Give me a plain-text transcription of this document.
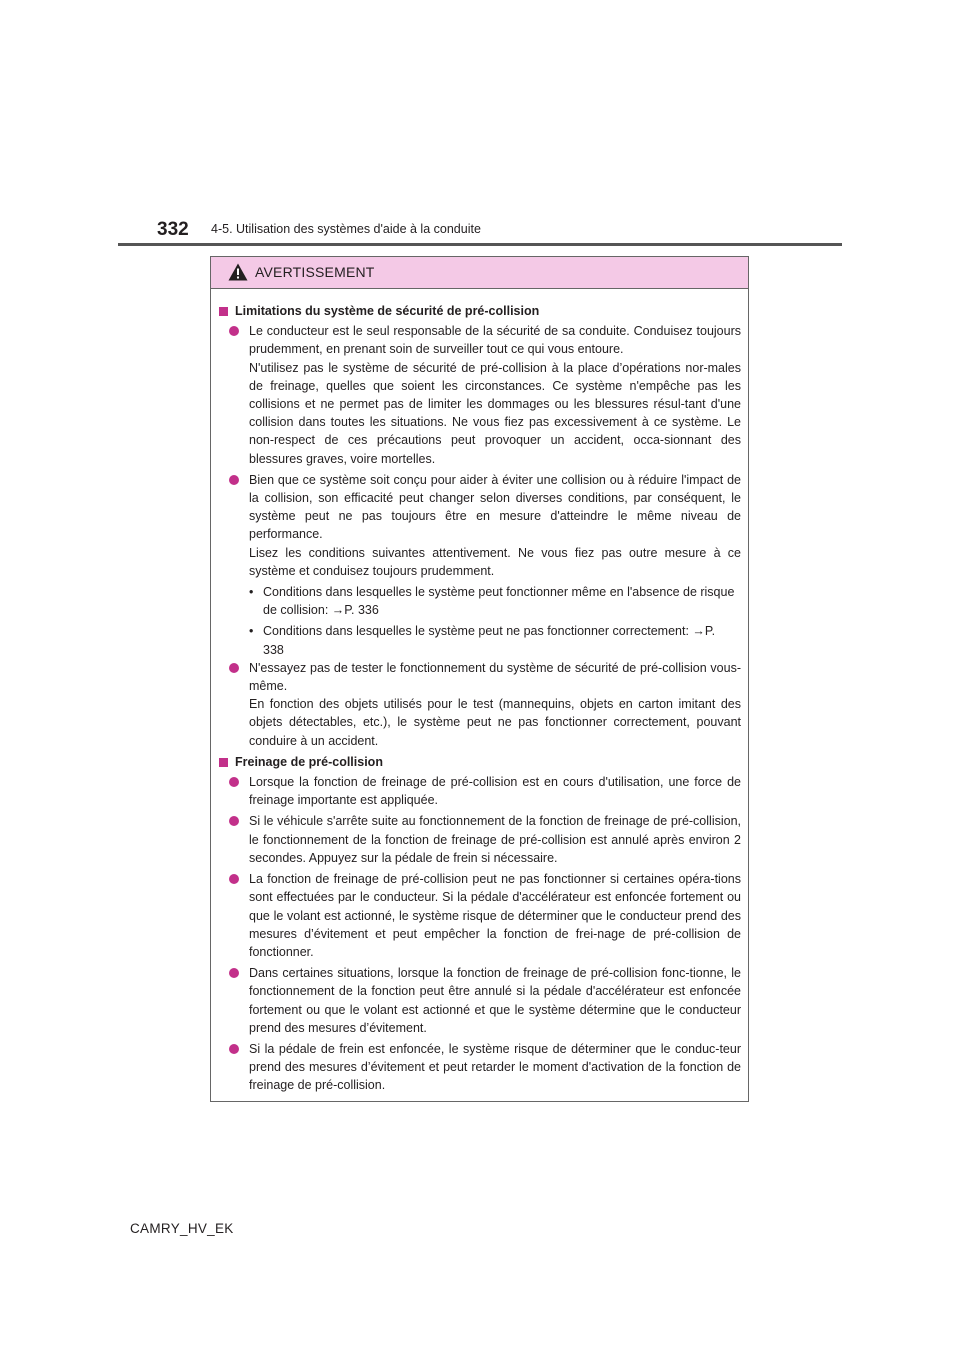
332 4-5. Utilisation des systèmes d'aide à la conduite
AVERTISSEMENT
Limitations du système de sécurité de pré-collision
Le conducteur est le seul responsable de la sécurité de sa conduite. Conduisez toujours prudemment, en prenant soin de surveiller tout ce qui vous entoure.
N'utilisez pas le système de sécurité de pré-collision à la place d’opérations nor-males de freinage, quelles que soient les circonstances. Ce système n'empêche pas les collisions et ne permet pas de limiter les dommages ou les blessures résul-tant d'une collision dans toutes les situations. Ne vous fiez pas excessivement à ce système. Le non-respect de ces précautions peut provoquer un accident, occa-sionnant des blessures graves, voire mortelles.
Bien que ce système soit conçu pour aider à éviter une collision ou à réduire l'impact de la collision, son efficacité peut changer selon diverses conditions, par conséquent, le système peut ne pas toujours être en mesure d'atteindre le même niveau de performance.
Lisez les conditions suivantes attentivement. Ne vous fiez pas outre mesure à ce système et conduisez toujours prudemment.
• Conditions dans lesquelles le système peut fonctionner même en l'absence de risque de collision: →P. 336
• Conditions dans lesquelles le système peut ne pas fonctionner correctement: →P. 338
N'essayez pas de tester le fonctionnement du système de sécurité de pré-collision vous-même.
En fonction des objets utilisés pour le test (mannequins, objets en carton imitant des objets détectables, etc.), le système peut ne pas fonctionner correctement, pouvant conduire à un accident.
Freinage de pré-collision
Lorsque la fonction de freinage de pré-collision est en cours d'utilisation, une force de freinage importante est appliquée.
Si le véhicule s'arrête suite au fonctionnement de la fonction de freinage de pré-collision, le fonctionnement de la fonction de freinage de pré-collision est annulé après environ 2 secondes. Appuyez sur la pédale de frein si nécessaire.
La fonction de freinage de pré-collision peut ne pas fonctionner si certaines opéra-tions sont effectuées par le conducteur. Si la pédale d'accélérateur est enfoncée fortement ou que le volant est actionné, le système risque de déterminer que le conducteur prend des mesures d’évitement et peut empêcher la fonction de frei-nage de pré-collision de fonctionner.
Dans certaines situations, lorsque la fonction de freinage de pré-collision fonc-tionne, le fonctionnement de la fonction peut être annulé si la pédale d'accélérateur est enfoncée fortement ou que le volant est actionné et que le système détermine que le conducteur prend des mesures d’évitement.
Si la pédale de frein est enfoncée, le système risque de déterminer que le conduc-teur prend des mesures d’évitement et peut retarder le moment d'activation de la fonction de freinage de pré-collision.
CAMRY_HV_EK
